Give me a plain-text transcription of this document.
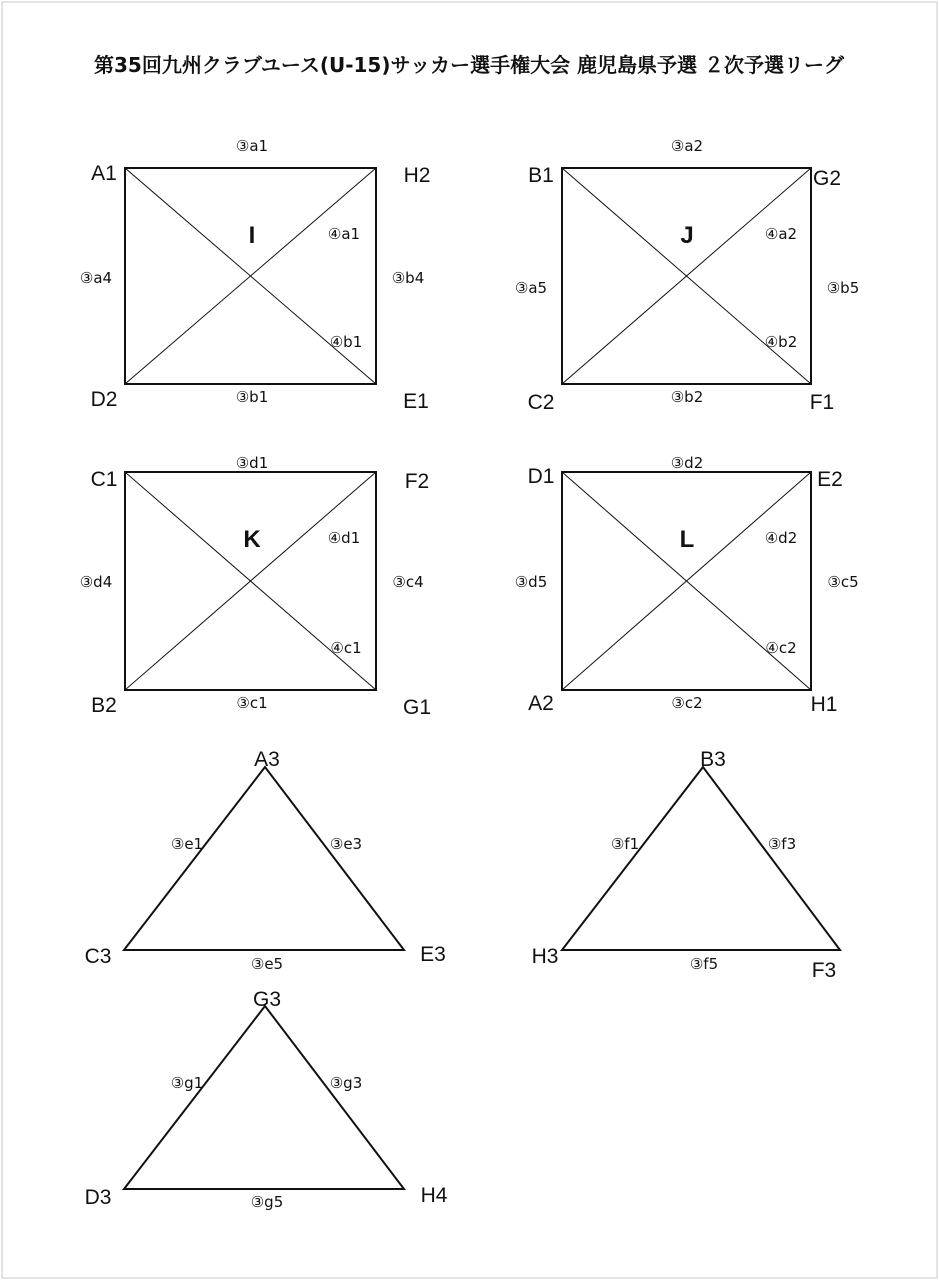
第35回九州クラブユース(U-15)サッカー選手権大会 鹿児島県予選 ２次予選リーグ
I
A1	H2
D2	E1
③a1
③b1
③a4	③b4
④a1
④b1
J
B1	G2
C2	F1
③a2
③b2
③a5	③b5
④a2
④b2
K
C1	F2
B2	G1
③d1
③c1
③d4	③c4
④d1
④c1
L
D1	E2
A2	H1
③d2
③c2
③d5	③c5
④d2
④c2
A3
C3	E3
③e1	③e3
③e5
B3
H3
F3
③f1	③f3
③f5
G3
D3	H4
③g1	③g3
③g5
